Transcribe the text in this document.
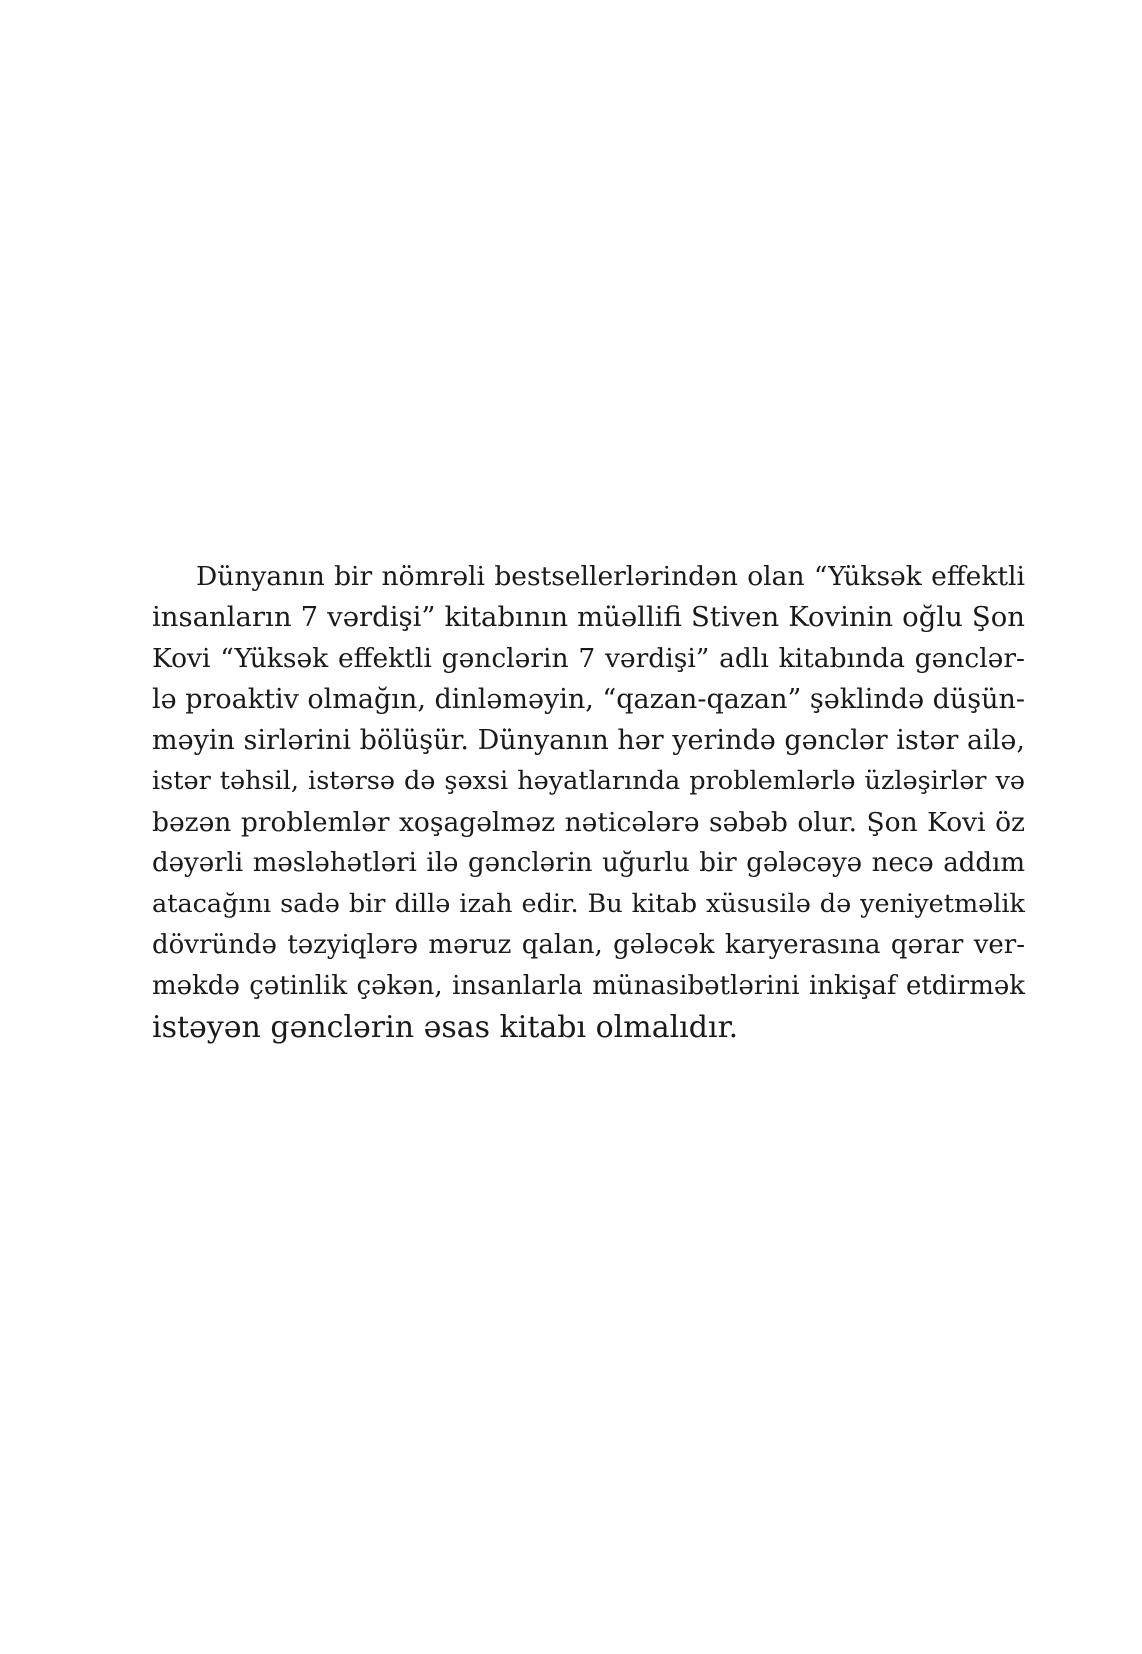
Dünyanın bir nömrəli bestsellerlərindən olan “Yüksək effektli
insanların 7 vərdişi” kitabının müəllifi Stiven Kovinin oğlu Şon
Kovi “Yüksək effektli gənclərin 7 vərdişi” adlı kitabında gənclər-
lə proaktiv olmağın, dinləməyin, “qazan-qazan” şəklində düşün-
məyin sirlərini bölüşür. Dünyanın hər yerində gənclər istər ailə,
istər təhsil, istərsə də şəxsi həyatlarında problemlərlə üzləşirlər və
bəzən problemlər xoşagəlməz nəticələrə səbəb olur. Şon Kovi öz
dəyərli məsləhətləri ilə gənclərin uğurlu bir gələcəyə necə addım
atacağını sadə bir dillə izah edir. Bu kitab xüsusilə də yeniyetməlik
dövründə təzyiqlərə məruz qalan, gələcək karyerasına qərar ver-
məkdə çətinlik çəkən, insanlarla münasibətlərini inkişaf etdirmək
istəyən gənclərin əsas kitabı olmalıdır.
